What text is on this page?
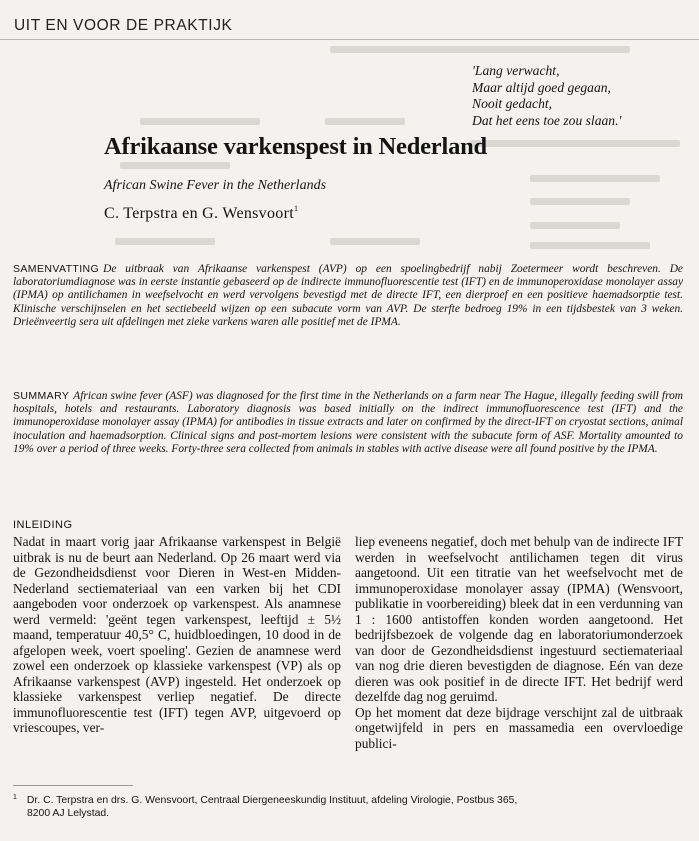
UIT EN VOOR DE PRAKTIJK
'Lang verwacht,
Maar altijd goed gegaan,
Nooit gedacht,
Dat het eens toe zou slaan.'
Afrikaanse varkenspest in Nederland
African Swine Fever in the Netherlands
C. Terpstra en G. Wensvoort$^1$
SAMENVATTING De uitbraak van Afrikaanse varkenspest (AVP) op een spoelingbedrijf nabij Zoetermeer wordt beschreven. De laboratoriumdiagnose was in eerste instantie gebaseerd op de indirecte immunofluorescentie test (IFT) en de immunoperoxidase monolayer assay (IPMA) op antilichamen in weefselvocht en werd vervolgens bevestigd met de directe IFT, een dierproef en een positieve haemadsorptie test. Klinische verschijnselen en het sectiebeeld wijzen op een subacute vorm van AVP. De sterfte bedroeg 19% in een tijdsbestek van 3 weken. Drieënveertig sera uit afdelingen met zieke varkens waren alle positief met de IPMA.
SUMMARY African swine fever (ASF) was diagnosed for the first time in the Netherlands on a farm near The Hague, illegally feeding swill from hospitals, hotels and restaurants. Laboratory diagnosis was based initially on the indirect immunofluorescence test (IFT) and the immunoperoxidase monolayer assay (IPMA) for antibodies in tissue extracts and later on confirmed by the direct-IFT on cryostat sections, animal inoculation and haemadsorption. Clinical signs and post-mortem lesions were consistent with the subacute form of ASF. Mortality amounted to 19% over a period of three weeks. Forty-three sera collected from animals in stables with active disease were all found positive by the IPMA.
INLEIDING

Nadat in maart vorig jaar Afrikaanse varkenspest in België uitbrak is nu de beurt aan Nederland. Op 26 maart werd via de Gezondheidsdienst voor Dieren in West-en Midden-Nederland sectiemateriaal van een varken bij het CDI aangeboden voor onderzoek op varkenspest. Als anamnese werd vermeld: 'geënt tegen varkenspest, leeftijd ± 5½ maand, temperatuur 40,5° C, huidbloedingen, 10 dood in de afgelopen week, voert spoeling'. Gezien de anamnese werd zowel een onderzoek op klassieke varkenspest (VP) als op Afrikaanse varkenspest (AVP) ingesteld. Het onderzoek op klassieke varkenspest verliep negatief. De directe immunofluorescentie test (IFT) tegen AVP, uitgevoerd op vriescoupes, ver-

liep eveneens negatief, doch met behulp van de indirecte IFT werden in weefselvocht antilichamen tegen dit virus aangetoond. Uit een titratie van het weefselvocht met de immunoperoxidase monolayer assay (IPMA) (Wensvoort, publikatie in voorbereiding) bleek dat in een verdunning van 1 : 1600 antistoffen konden worden aangetoond. Het bedrijfsbezoek de volgende dag en laboratoriumonderzoek van door de Gezondheidsdienst ingestuurd sectiemateriaal van nog drie dieren bevestigden de diagnose. Eén van deze dieren was ook positief in de directe IFT. Het bedrijf werd dezelfde dag nog geruimd.

Op het moment dat deze bijdrage verschijnt zal de uitbraak ongetwijfeld in pers en massamedia een overvloedige publici-

$^1$ Dr. C. Terpstra en drs. G. Wensvoort, Centraal Diergeneeskundig Instituut, afdeling Virologie, Postbus 365,
8200 AJ Lelystad.
